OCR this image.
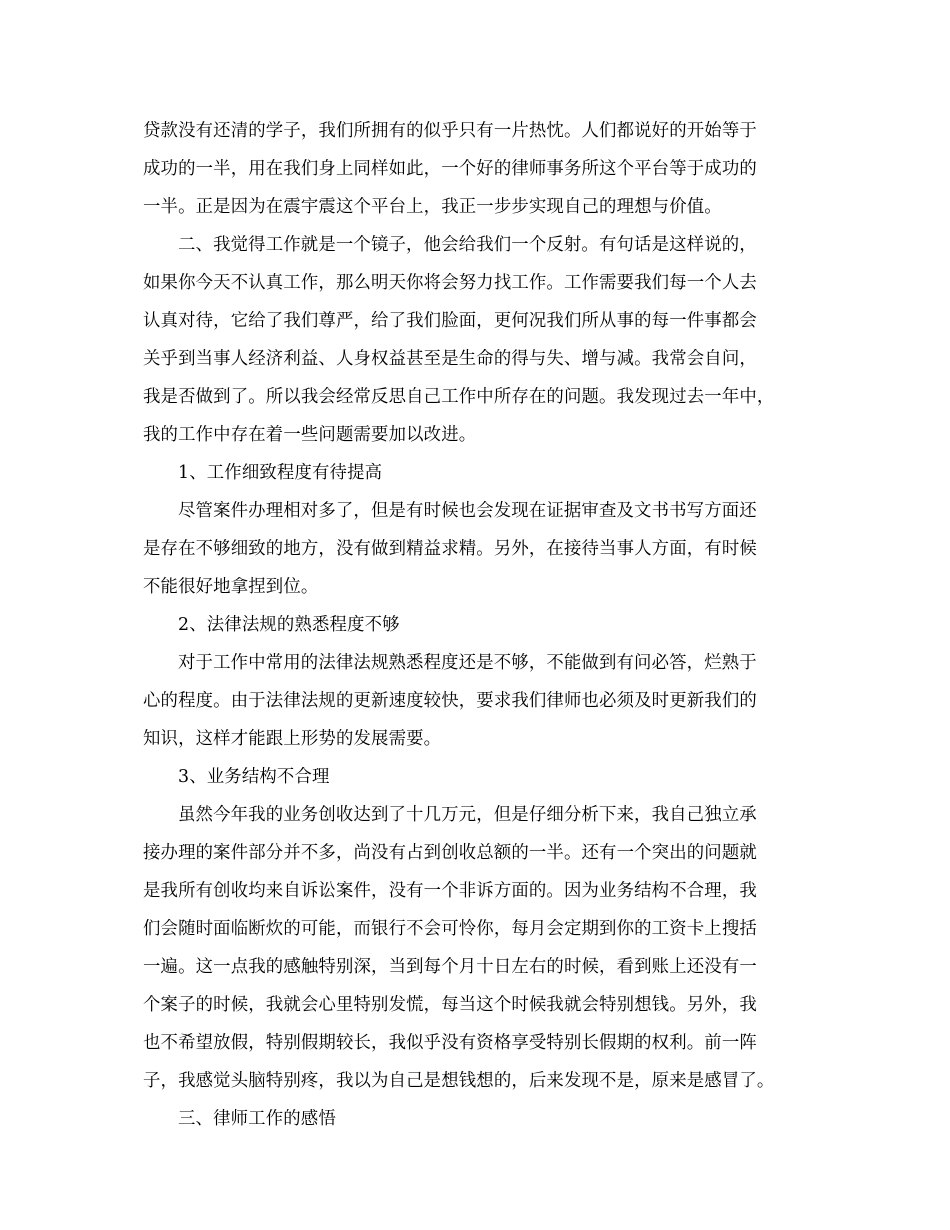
贷款没有还清的学子，我们所拥有的似乎只有一片热忱。人们都说好的开始等于
成功的一半，用在我们身上同样如此，一个好的律师事务所这个平台等于成功的
一半。正是因为在震宇震这个平台上，我正一步步实现自己的理想与价值。
二、我觉得工作就是一个镜子，他会给我们一个反射。有句话是这样说的，
如果你今天不认真工作，那么明天你将会努力找工作。工作需要我们每一个人去
认真对待，它给了我们尊严，给了我们脸面，更何况我们所从事的每一件事都会
关乎到当事人经济利益、人身权益甚至是生命的得与失、增与减。我常会自问，
我是否做到了。所以我会经常反思自己工作中所存在的问题。我发现过去一年中，
我的工作中存在着一些问题需要加以改进。
1、工作细致程度有待提高
尽管案件办理相对多了，但是有时候也会发现在证据审查及文书书写方面还
是存在不够细致的地方，没有做到精益求精。另外，在接待当事人方面，有时候
不能很好地拿捏到位。
2、法律法规的熟悉程度不够
对于工作中常用的法律法规熟悉程度还是不够，不能做到有问必答，烂熟于
心的程度。由于法律法规的更新速度较快，要求我们律师也必须及时更新我们的
知识，这样才能跟上形势的发展需要。
3、业务结构不合理
虽然今年我的业务创收达到了十几万元，但是仔细分析下来，我自己独立承
接办理的案件部分并不多，尚没有占到创收总额的一半。还有一个突出的问题就
是我所有创收均来自诉讼案件，没有一个非诉方面的。因为业务结构不合理，我
们会随时面临断炊的可能，而银行不会可怜你，每月会定期到你的工资卡上搜括
一遍。这一点我的感触特别深，当到每个月十日左右的时候，看到账上还没有一
个案子的时候，我就会心里特别发慌，每当这个时候我就会特别想钱。另外，我
也不希望放假，特别假期较长，我似乎没有资格享受特别长假期的权利。前一阵
子，我感觉头脑特别疼，我以为自己是想钱想的，后来发现不是，原来是感冒了。
三、律师工作的感悟
